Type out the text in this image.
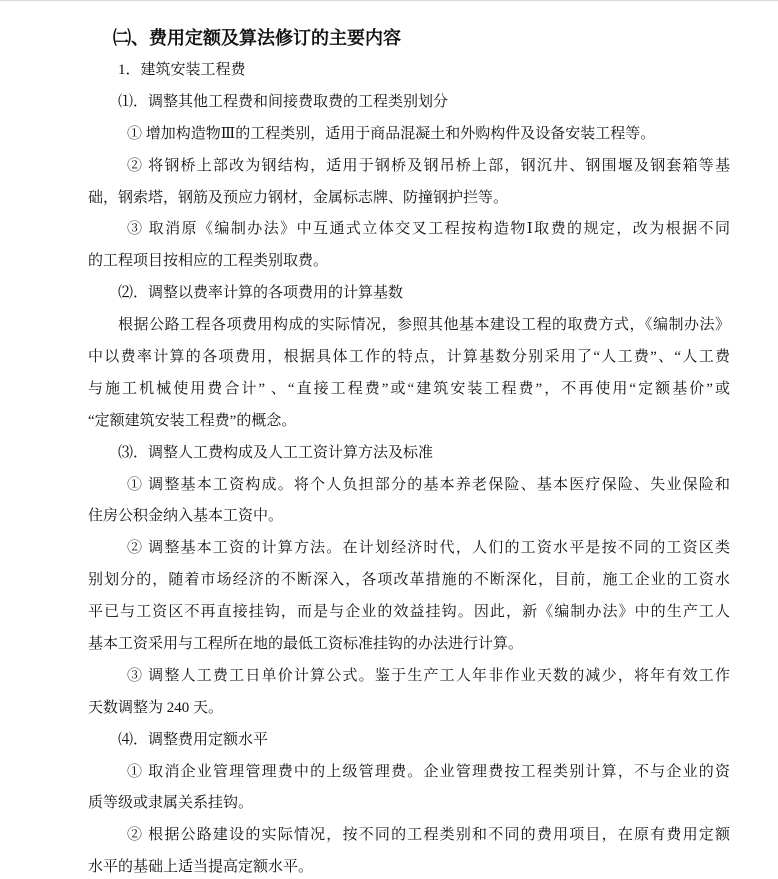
㈡、费用定额及算法修订的主要内容
1．建筑安装工程费
⑴．调整其他工程费和间接费取费的工程类别划分
① 增加构造物Ⅲ的工程类别，适用于商品混凝土和外购构件及设备安装工程等。
② 将钢桥上部改为钢结构，适用于钢桥及钢吊桥上部，钢沉井、钢围堰及钢套箱等基
础，钢索塔，钢筋及预应力钢材，金属标志牌、防撞钢护拦等。
③ 取消原《编制办法》中互通式立体交叉工程按构造物Ⅰ取费的规定，改为根据不同
的工程项目按相应的工程类别取费。
⑵．调整以费率计算的各项费用的计算基数
根据公路工程各项费用构成的实际情况，参照其他基本建设工程的取费方式，《编制办法》
中以费率计算的各项费用，根据具体工作的特点，计算基数分别采用了“人工费”、“人工费
与施工机械使用费合计” 、“直接工程费”或“建筑安装工程费”，不再使用“定额基价”或
“定额建筑安装工程费”的概念。
⑶．调整人工费构成及人工工资计算方法及标准
① 调整基本工资构成。将个人负担部分的基本养老保险、基本医疗保险、失业保险和
住房公积金纳入基本工资中。
② 调整基本工资的计算方法。在计划经济时代，人们的工资水平是按不同的工资区类
别划分的，随着市场经济的不断深入，各项改革措施的不断深化，目前，施工企业的工资水
平已与工资区不再直接挂钩，而是与企业的效益挂钩。因此，新《编制办法》中的生产工人
基本工资采用与工程所在地的最低工资标准挂钩的办法进行计算。
③ 调整人工费工日单价计算公式。鉴于生产工人年非作业天数的减少，将年有效工作
天数调整为 240 天。
⑷．调整费用定额水平
① 取消企业管理管理费中的上级管理费。企业管理费按工程类别计算，不与企业的资
质等级或隶属关系挂钩。
② 根据公路建设的实际情况，按不同的工程类别和不同的费用项目，在原有费用定额
水平的基础上适当提高定额水平。
